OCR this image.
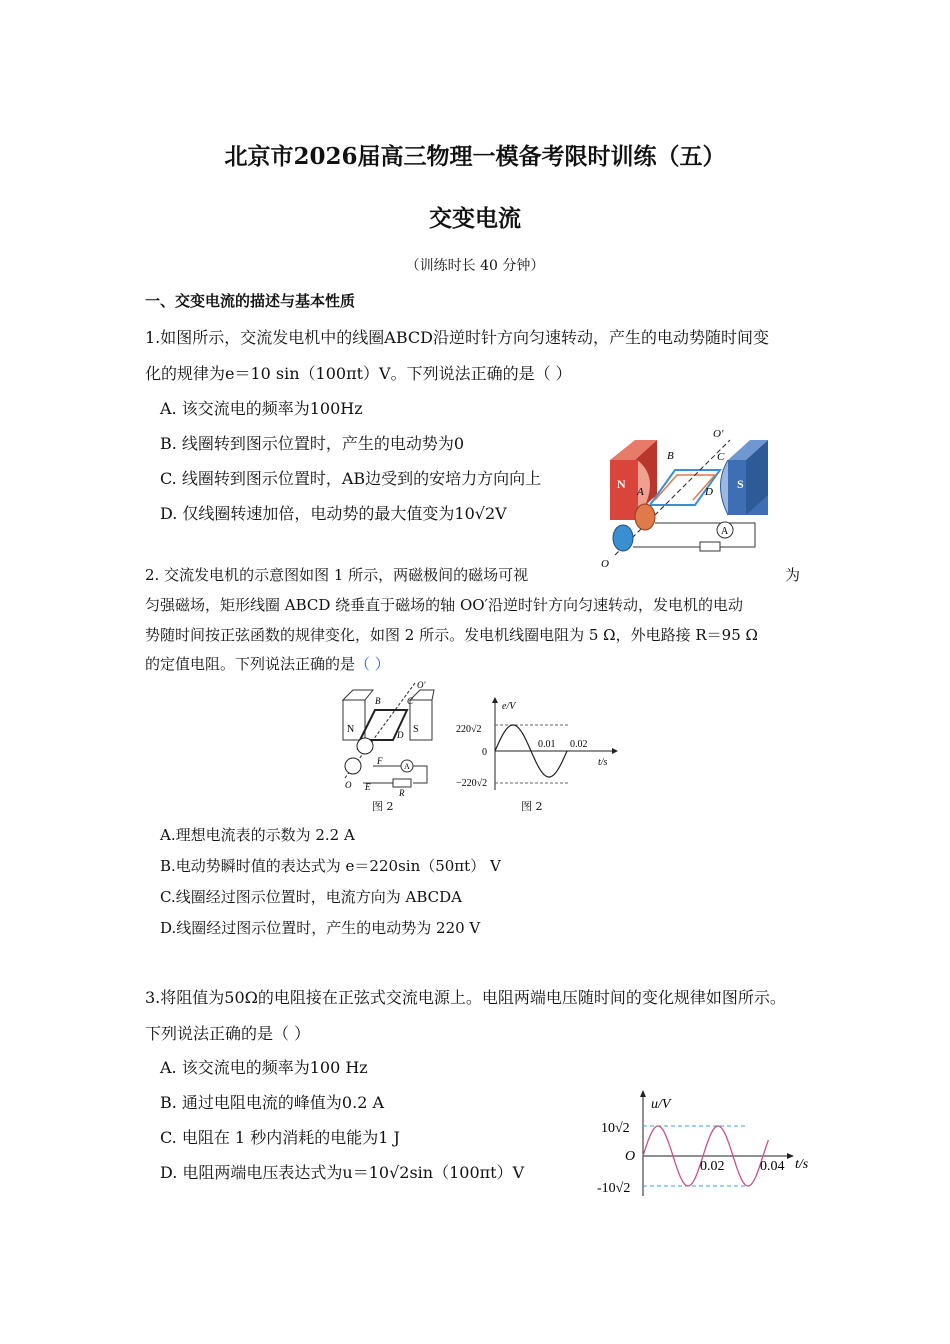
北京市2026届高三物理一模备考限时训练（五）
交变电流
（训练时长 40 分钟）
一、交变电流的描述与基本性质
1.如图所示，交流发电机中的线圈ABCD沿逆时针方向匀速转动，产生的电动势随时间变
化的规律为e＝10 sin（100πt）V。下列说法正确的是（ ）
A. 该交流电的频率为100Hz
B. 线圈转到图示位置时，产生的电动势为0
C. 线圈转到图示位置时，AB边受到的安培力方向向上
D. 仅线圈转速加倍，电动势的最大值变为10√2V
N	S
O'
O
A
B	C
D
A
2. 交流发电机的示意图如图 1 所示，两磁极间的磁场可视	为
匀强磁场，矩形线圈 ABCD 绕垂直于磁场的轴 OO′沿逆时针方向匀速转动，发电机的电动
势随时间按正弦函数的规律变化，如图 2 所示。发电机线圈电阻为 5 Ω，外电路接 R＝95 Ω
的定值电阻。下列说法正确的是（ ）
N	S
O'
O
B	C
D
A
F
E
R
图 2
e/V
220√2
−220√2
0
0.01 0.02
t/s
图 2
A.理想电流表的示数为 2.2 A
B.电动势瞬时值的表达式为 e＝220sin（50πt） V
C.线圈经过图示位置时，电流方向为 ABCDA
D.线圈经过图示位置时，产生的电动势为 220 V
3.将阻值为50Ω的电阻接在正弦式交流电源上。电阻两端电压随时间的变化规律如图所示。
下列说法正确的是（ ）
A. 该交流电的频率为100 Hz
B. 通过电阻电流的峰值为0.2 A
C. 电阻在 1 秒内消耗的电能为1 J
D. 电阻两端电压表达式为u＝10√2sin（100πt）V
u/V
10√2
-10√2
O
0.02	0.04 t/s
